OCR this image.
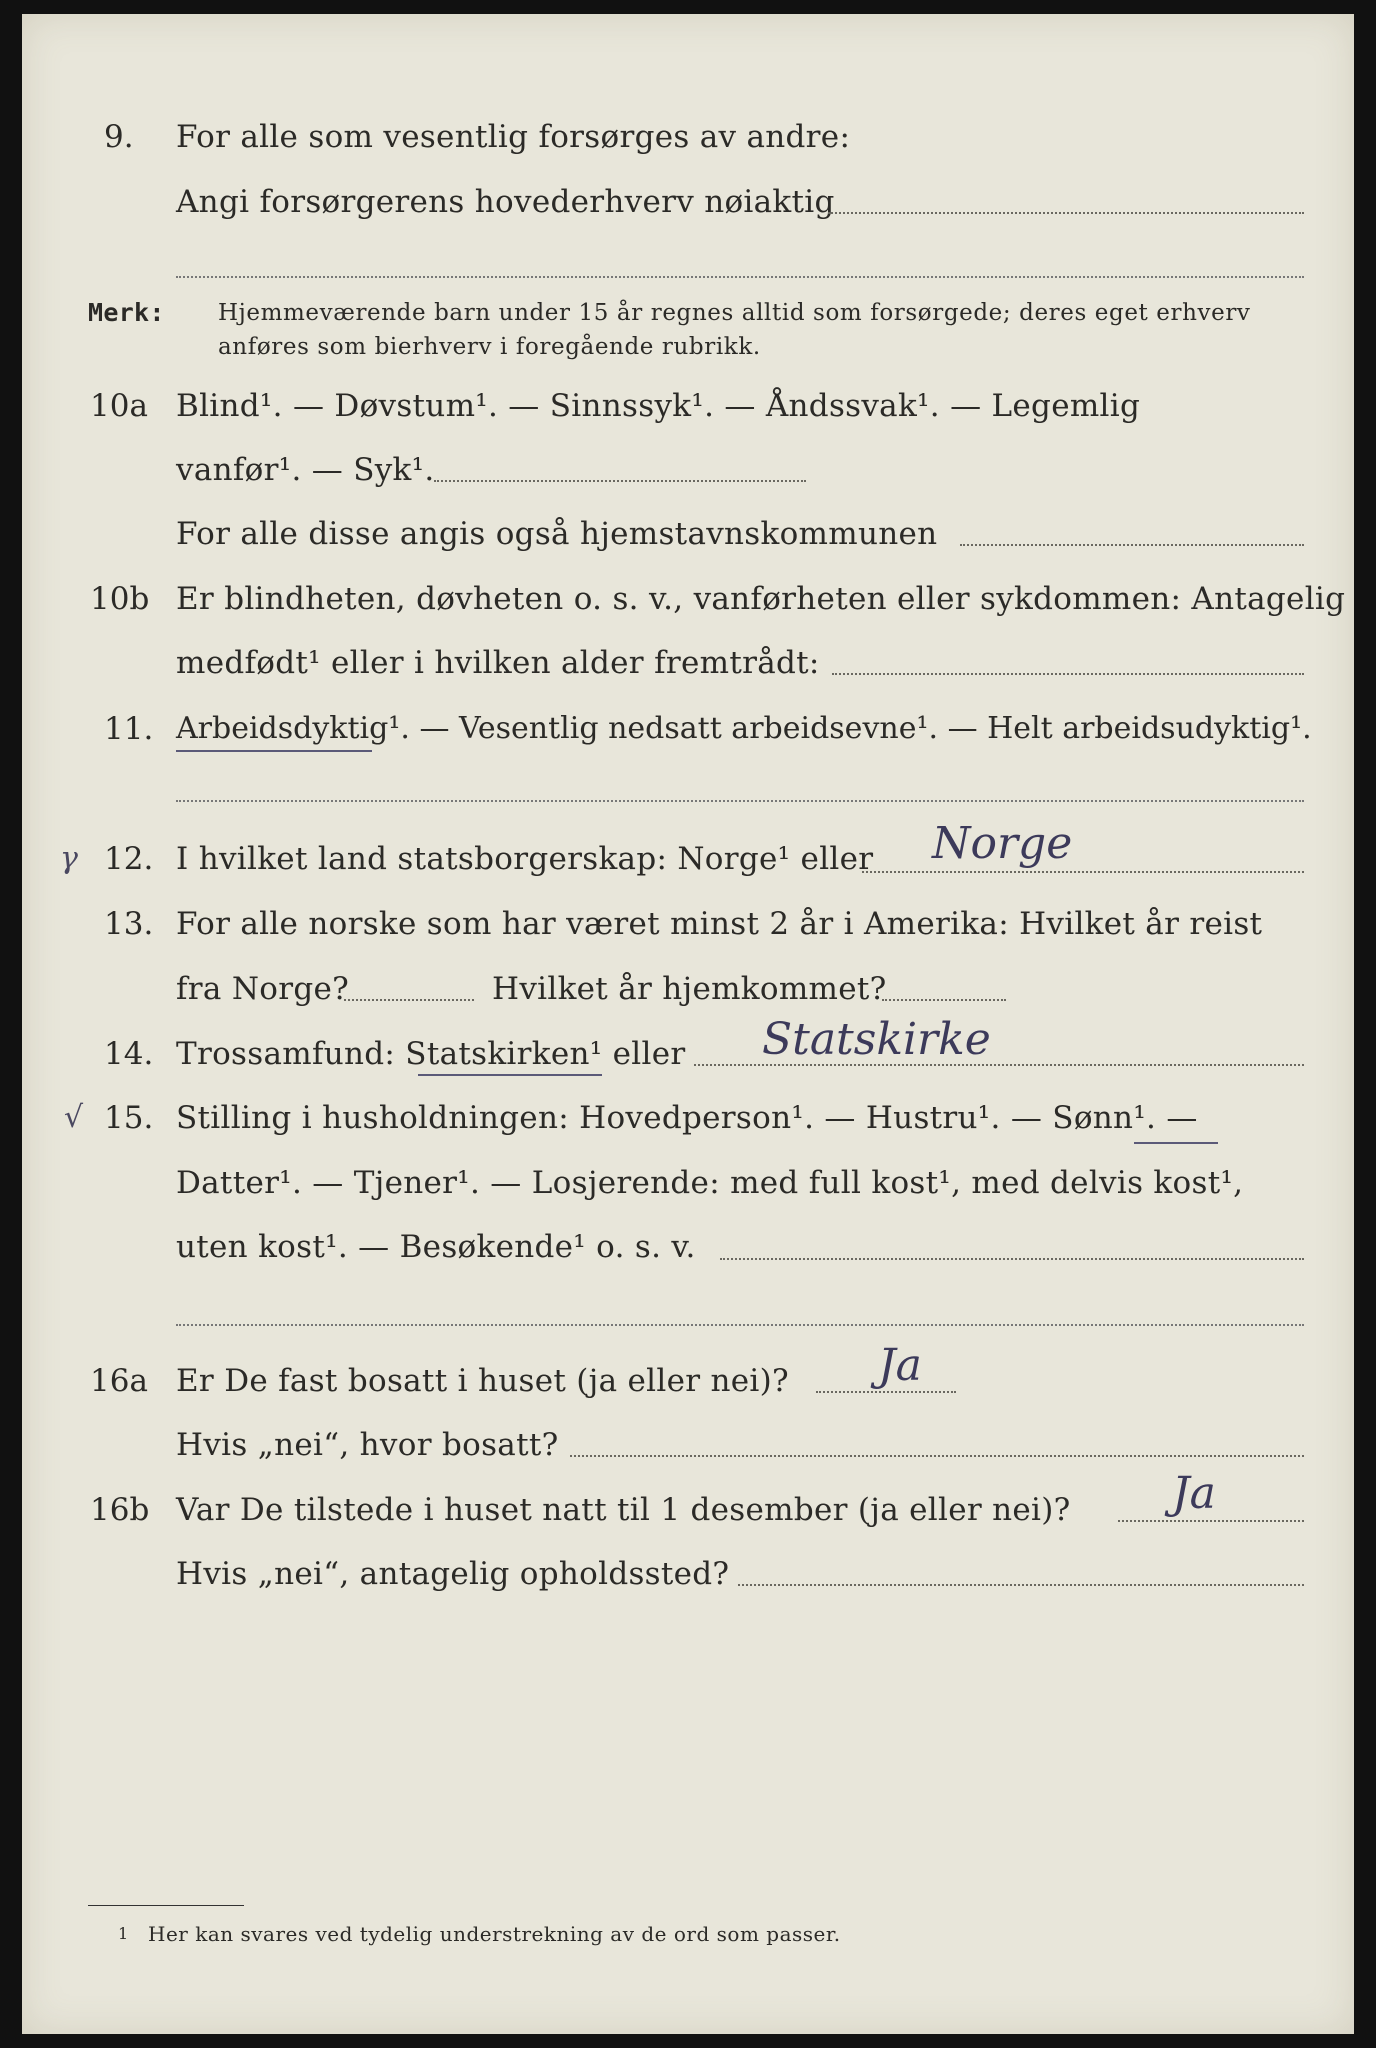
9. For alle som vesentlig forsørges av andre:
Angi forsørgerens hovederhverv nøiaktig
Merk: Hjemmeværende barn under 15 år regnes alltid som forsørgede; deres eget erhverv
anføres som bierhverv i foregående rubrikk.
10a Blind¹. — Døvstum¹. — Sinnssyk¹. — Åndssvak¹. — Legemlig
vanfør¹. — Syk¹.
For alle disse angis også hjemstavnskommunen
10b Er blindheten, døvheten o. s. v., vanførheten eller sykdommen: Antagelig
medfødt¹ eller i hvilken alder fremtrådt:
11. Arbeidsdyktig¹. — Vesentlig nedsatt arbeidsevne¹. — Helt arbeidsudyktig¹.
γ 12. I hvilket land statsborgerskap: Norge¹ eller Norge
13. For alle norske som har været minst 2 år i Amerika: Hvilket år reist
fra Norge?	Hvilket år hjemkommet?
14. Trossamfund: Statskirken¹ eller Statskirke
√ 15. Stilling i husholdningen: Hovedperson¹. — Hustru¹. — Sønn¹. —
Datter¹. — Tjener¹. — Losjerende: med full kost¹, med delvis kost¹,
uten kost¹. — Besøkende¹ o. s. v.
16a Er De fast bosatt i huset (ja eller nei)? Ja
Hvis „nei“, hvor bosatt?
16b Var De tilstede i huset natt til 1 desember (ja eller nei)? Ja
Hvis „nei“, antagelig opholdssted?
1 Her kan svares ved tydelig understrekning av de ord som passer.
